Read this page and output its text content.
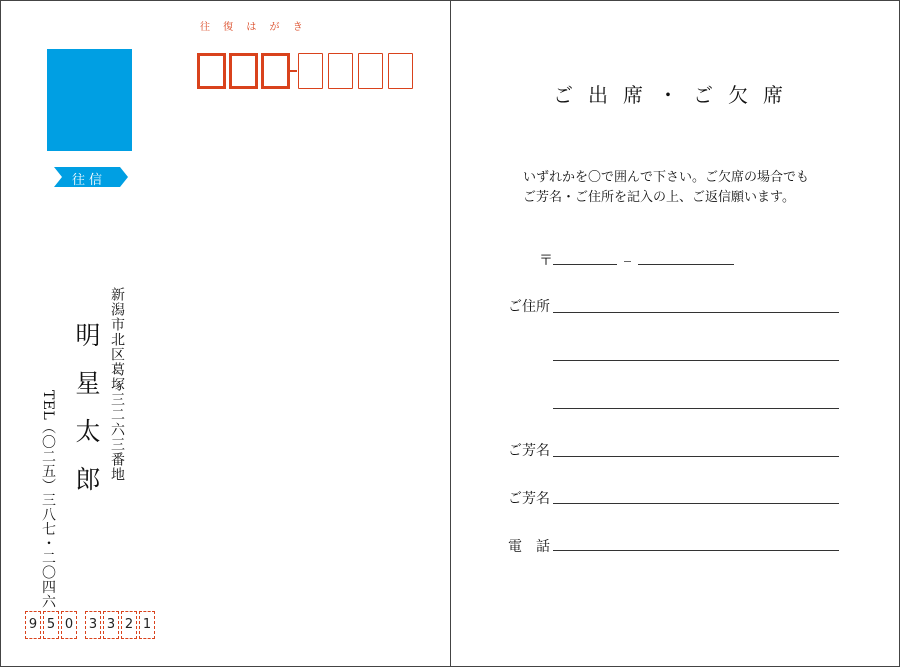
往 復 は が き
往信
新潟市北区葛塚三二六三番地
明星太郎
TEL（〇二五）三八七・二〇四六
9 5 0 3 3 2 1
ご出席・ご欠席
いずれかを〇で囲んで下さい。ご欠席の場合でも
ご芳名・ご住所を記入の上、ご返信願います。
〒
ご住所
ご芳名
ご芳名
電　話
